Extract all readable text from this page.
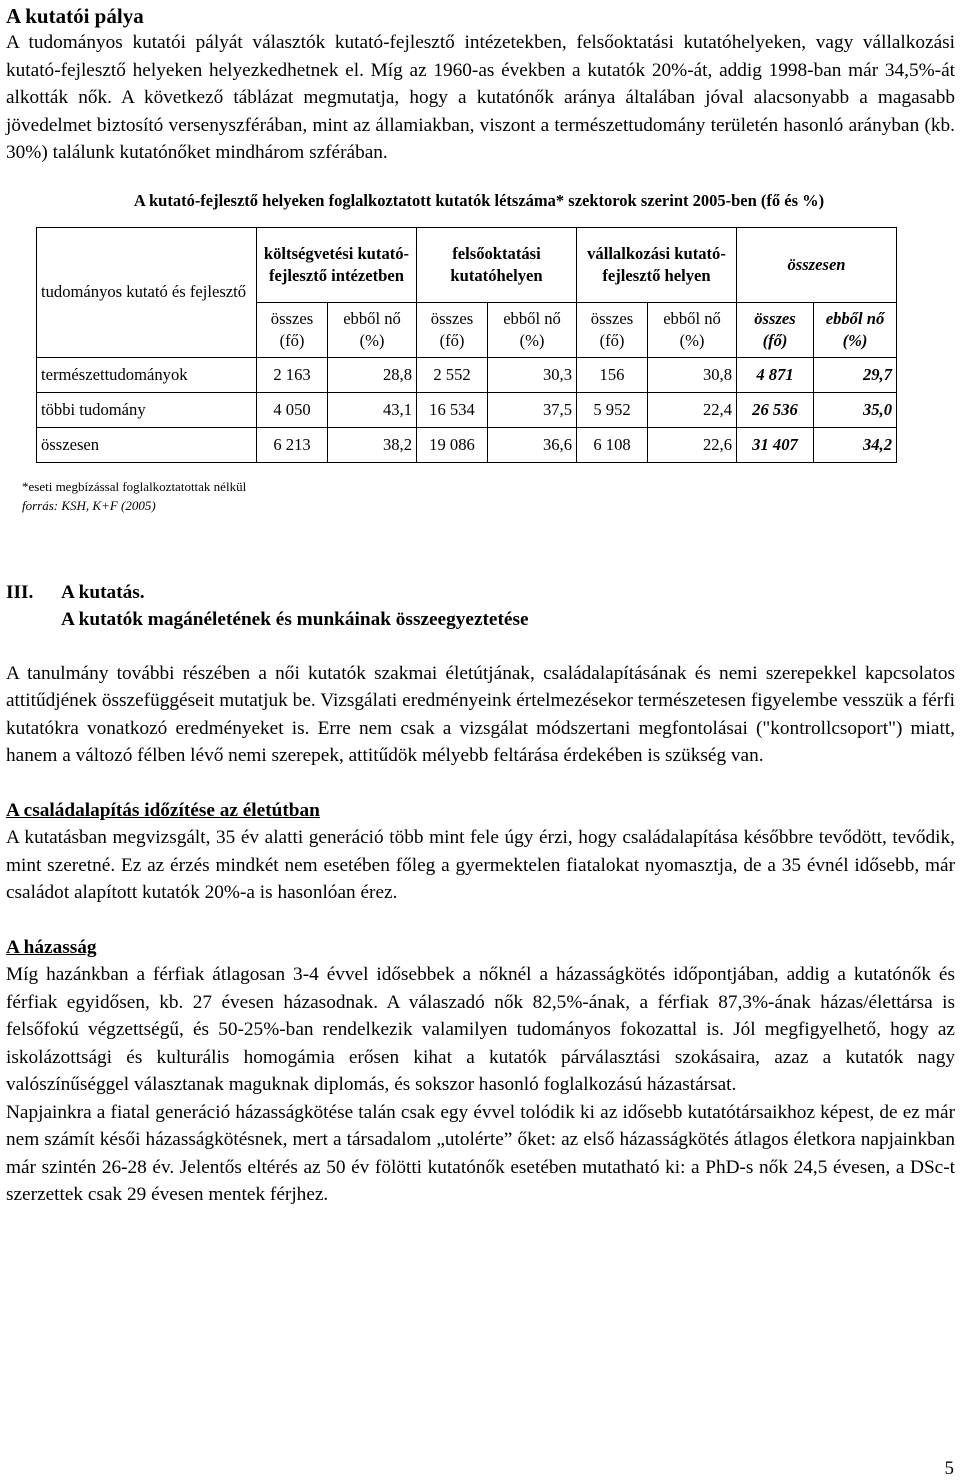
A kutatói pálya

A tudományos kutatói pályát választók kutató-fejlesztő intézetekben, felsőoktatási kutatóhelyeken, vagy vállalkozási kutató-fejlesztő helyeken helyezkedhetnek el. Míg az 1960-as években a kutatók 20%-át, addig 1998-ban már 34,5%-át alkották nők. A következő táblázat megmutatja, hogy a kutatónők aránya általában jóval alacsonyabb a magasabb jövedelmet biztosító versenyszférában, mint az államiakban, viszont a természettudomány területén hasonló arányban (kb. 30%) találunk kutatónőket mindhárom szférában.

A kutató-fejlesztő helyeken foglalkoztatott kutatók létszáma* szektorok szerint 2005-ben (fő és %)

tudományos kutató és fejlesztő	költségvetési kutató-fejlesztő intézetben		felsőoktatási kutatóhelyen		vállalkozási kutató-fejlesztő helyen		összesen	
	összes (fő)	ebből nő (%)	összes (fő)	ebből nő (%)	összes (fő)	ebből nő (%)	összes (fő)	ebből nő (%)
természettudományok	2 163	28,8	2 552	30,3	156	30,8	4 871	29,7
többi tudomány	4 050	43,1	16 534	37,5	5 952	22,4	26 536	35,0
összesen	6 213	38,2	19 086	36,6	6 108	22,6	31 407	34,2
*eseti megbízással foglalkoztatottak nélkül
forrás: KSH, K+F (2005)
III. A kutatás.
A kutatók magánéletének és munkáinak összeegyeztetése

A tanulmány további részében a női kutatók szakmai életútjának, családalapításának és nemi szerepekkel kapcsolatos attitűdjének összefüggéseit mutatjuk be. Vizsgálati eredményeink értelmezésekor természetesen figyelembe vesszük a férfi kutatókra vonatkozó eredményeket is. Erre nem csak a vizsgálat módszertani megfontolásai ("kontrollcsoport") miatt, hanem a változó félben lévő nemi szerepek, attitűdök mélyebb feltárása érdekében is szükség van.

A családalapítás időzítése az életútban

A kutatásban megvizsgált, 35 év alatti generáció több mint fele úgy érzi, hogy családalapítása későbbre tevődött, tevődik, mint szeretné. Ez az érzés mindkét nem esetében főleg a gyermektelen fiatalokat nyomasztja, de a 35 évnél idősebb, már családot alapított kutatók 20%-a is hasonlóan érez.

A házasság

Míg hazánkban a férfiak átlagosan 3-4 évvel idősebbek a nőknél a házasságkötés időpontjában, addig a kutatónők és férfiak egyidősen, kb. 27 évesen házasodnak. A válaszadó nők 82,5%-ának, a férfiak 87,3%-ának házas/élettársa is felsőfokú végzettségű, és 50-25%-ban rendelkezik valamilyen tudományos fokozattal is. Jól megfigyelhető, hogy az iskolázottsági és kulturális homogámia erősen kihat a kutatók párválasztási szokásaira, azaz a kutatók nagy valószínűséggel választanak maguknak diplomás, és sokszor hasonló foglalkozású házastársat.

Napjainkra a fiatal generáció házasságkötése talán csak egy évvel tolódik ki az idősebb kutatótársaikhoz képest, de ez már nem számít késői házasságkötésnek, mert a társadalom „utolérte” őket: az első házasságkötés átlagos életkora napjainkban már szintén 26-28 év. Jelentős eltérés az 50 év fölötti kutatónők esetében mutatható ki: a PhD-s nők 24,5 évesen, a DSc-t szerzettek csak 29 évesen mentek férjhez.

5
